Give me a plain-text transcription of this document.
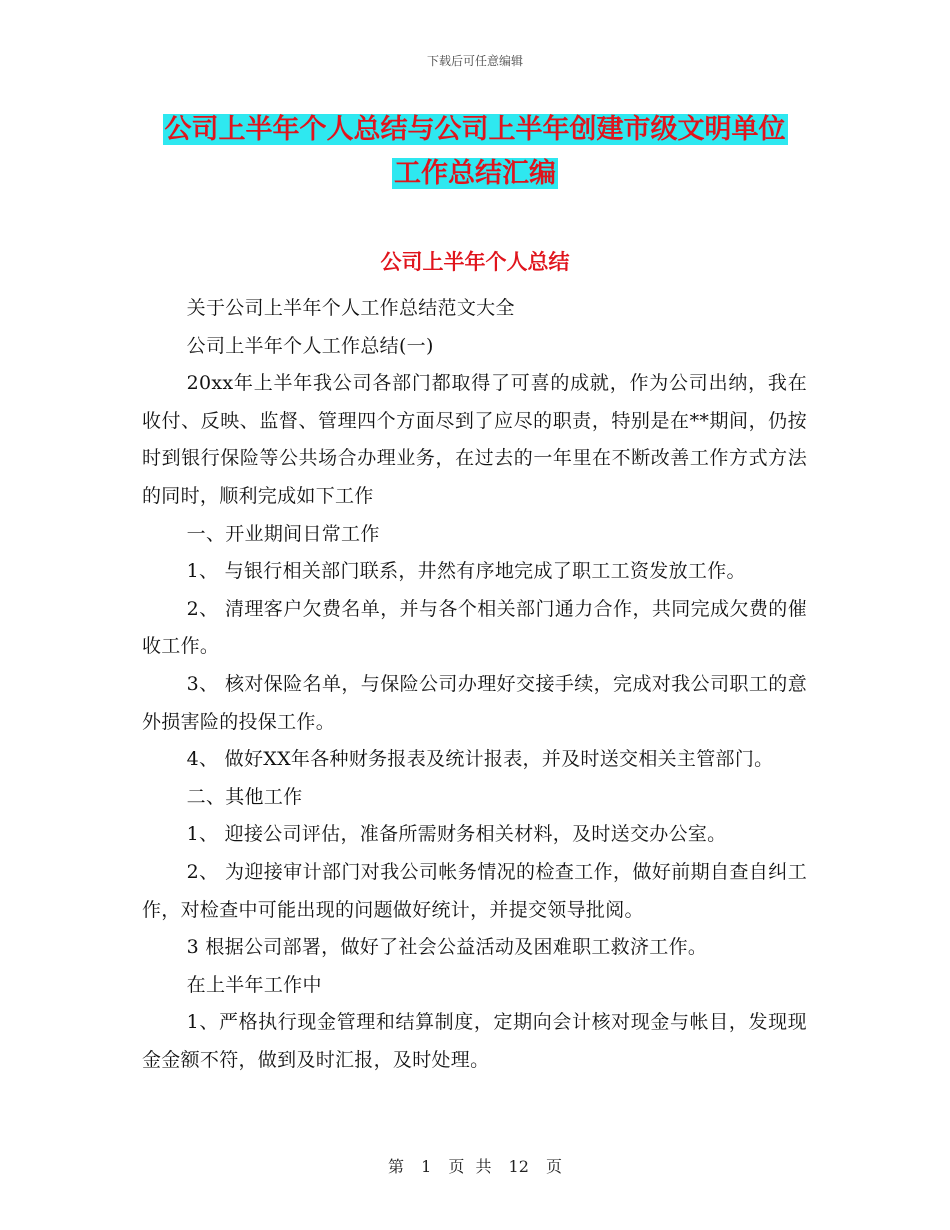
下载后可任意编辑
公司上半年个人总结与公司上半年创建市级文明单位
工作总结汇编
公司上半年个人总结

关于公司上半年个人工作总结范文大全

公司上半年个人工作总结(一)

20xx年上半年我公司各部门都取得了可喜的成就，作为公司出纳，我在收付、反映、监督、管理四个方面尽到了应尽的职责，特别是在**期间，仍按时到银行保险等公共场合办理业务，在过去的一年里在不断改善工作方式方法的同时，顺利完成如下工作

一、开业期间日常工作

1、 与银行相关部门联系，井然有序地完成了职工工资发放工作。

2、 清理客户欠费名单，并与各个相关部门通力合作，共同完成欠费的催收工作。

3、 核对保险名单，与保险公司办理好交接手续，完成对我公司职工的意外损害险的投保工作。

4、 做好XX年各种财务报表及统计报表，并及时送交相关主管部门。

二、其他工作

1、 迎接公司评估，准备所需财务相关材料，及时送交办公室。

2、 为迎接审计部门对我公司帐务情况的检查工作，做好前期自查自纠工作，对检查中可能出现的问题做好统计，并提交领导批阅。

3 根据公司部署，做好了社会公益活动及困难职工救济工作。

在上半年工作中

1、严格执行现金管理和结算制度，定期向会计核对现金与帐目，发现现金金额不符，做到及时汇报，及时处理。

第 1 页 共 12 页
